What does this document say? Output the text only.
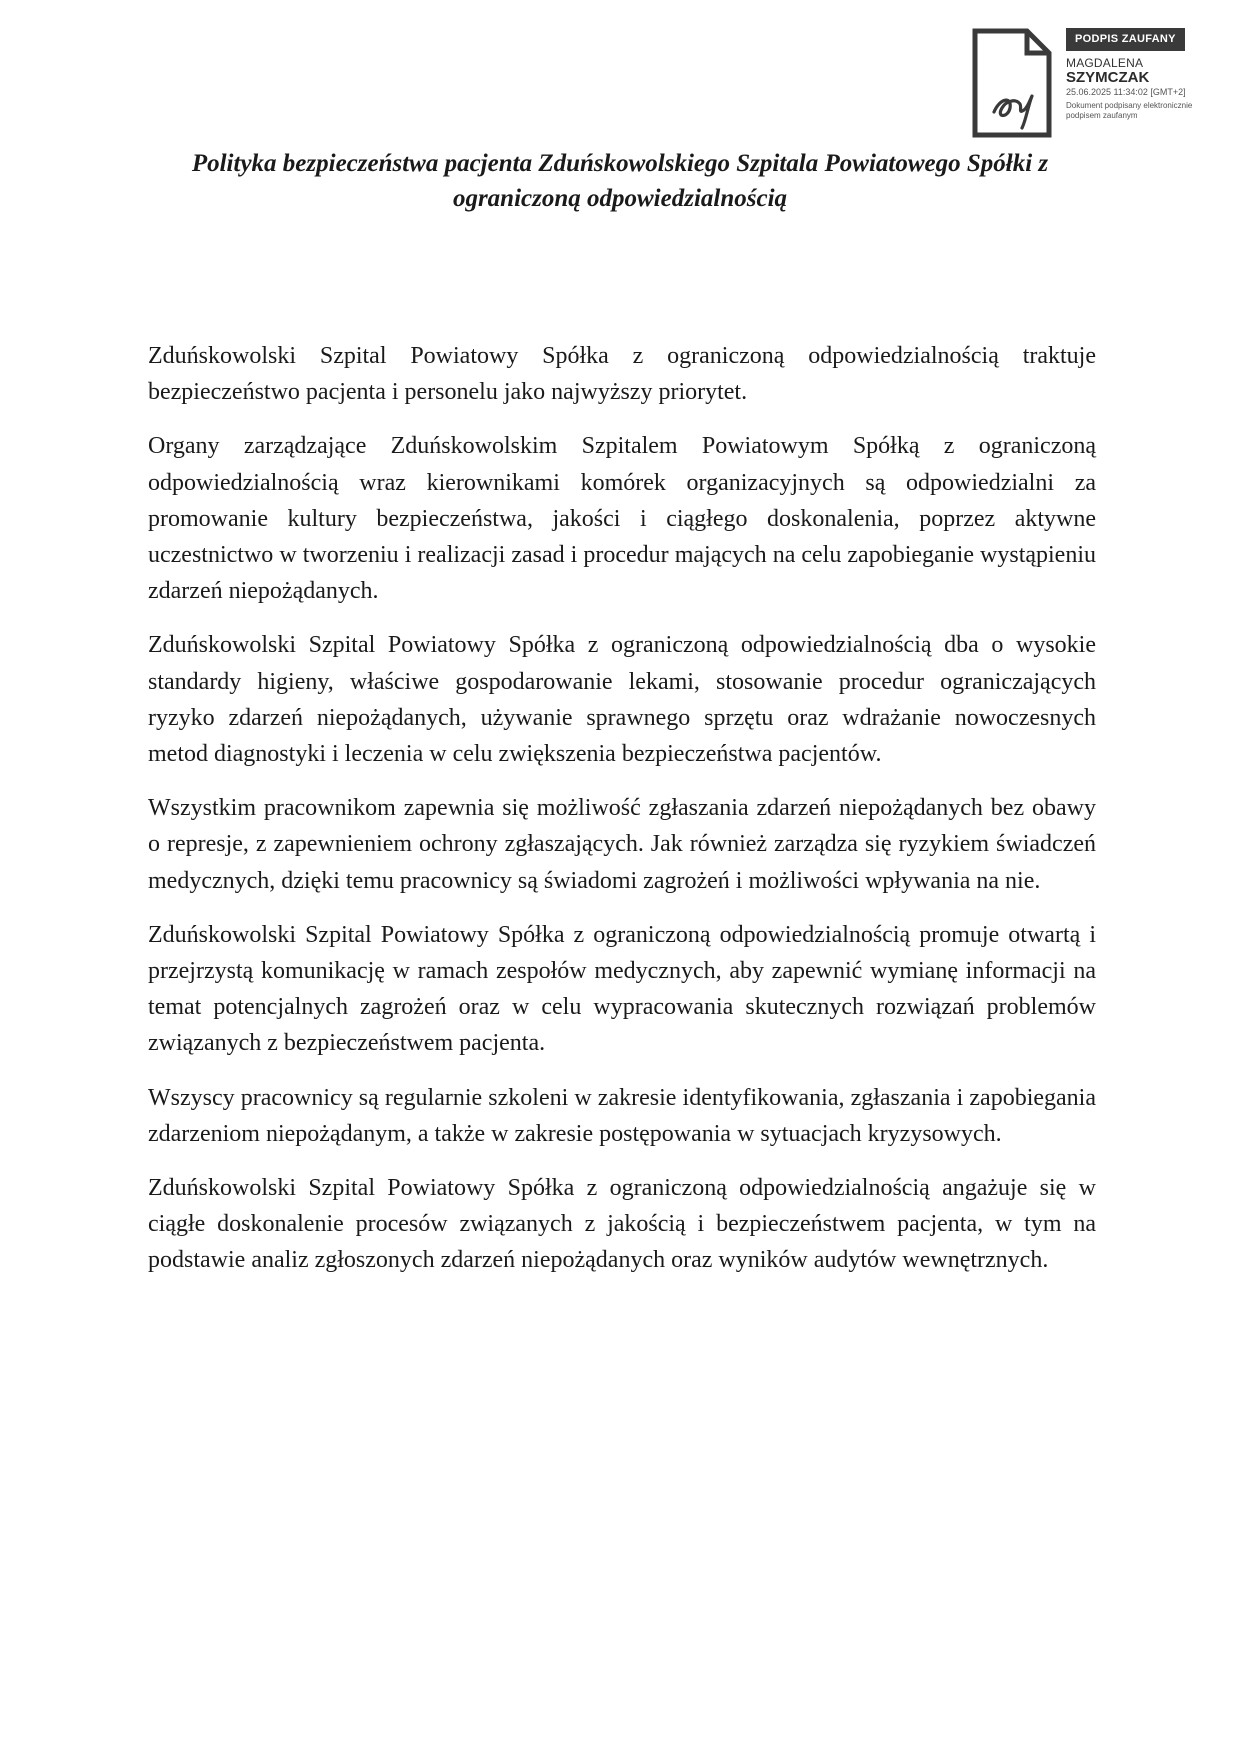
PODPIS ZAUFANY
MAGDALENA
SZYMCZAK
25.06.2025 11:34:02 [GMT+2]
Dokument podpisany elektronicznie
podpisem zaufanym
Polityka bezpieczeństwa pacjenta Zduńskowolskiego Szpitala Powiatowego Spółki z ograniczoną odpowiedzialnością

Zduńskowolski Szpital Powiatowy Spółka z ograniczoną odpowiedzialnością traktuje bezpieczeństwo pacjenta i personelu jako najwyższy priorytet.

Organy zarządzające Zduńskowolskim Szpitalem Powiatowym Spółką z ograniczoną odpowiedzialnością wraz kierownikami komórek organizacyjnych są odpowiedzialni za promowanie kultury bezpieczeństwa, jakości i ciągłego doskonalenia, poprzez aktywne uczestnictwo w tworzeniu i realizacji zasad i procedur mających na celu zapobieganie wystąpieniu zdarzeń niepożądanych.

Zduńskowolski Szpital Powiatowy Spółka z ograniczoną odpowiedzialnością dba o wysokie standardy higieny, właściwe gospodarowanie lekami, stosowanie procedur ograniczających ryzyko zdarzeń niepożądanych, używanie sprawnego sprzętu oraz wdrażanie nowoczesnych metod diagnostyki i leczenia w celu zwiększenia bezpieczeństwa pacjentów.

Wszystkim pracownikom zapewnia się możliwość zgłaszania zdarzeń niepożądanych bez obawy o represje, z zapewnieniem ochrony zgłaszających. Jak również zarządza się ryzykiem świadczeń medycznych, dzięki temu pracownicy są świadomi zagrożeń i możliwości wpływania na nie.

Zduńskowolski Szpital Powiatowy Spółka z ograniczoną odpowiedzialnością promuje otwartą i przejrzystą komunikację w ramach zespołów medycznych, aby zapewnić wymianę informacji na temat potencjalnych zagrożeń oraz w celu wypracowania skutecznych rozwiązań problemów związanych z bezpieczeństwem pacjenta.

Wszyscy pracownicy są regularnie szkoleni w zakresie identyfikowania, zgłaszania i zapobiegania zdarzeniom niepożądanym, a także w zakresie postępowania w sytuacjach kryzysowych.

Zduńskowolski Szpital Powiatowy Spółka z ograniczoną odpowiedzialnością angażuje się w ciągłe doskonalenie procesów związanych z jakością i bezpieczeństwem pacjenta, w tym na podstawie analiz zgłoszonych zdarzeń niepożądanych oraz wyników audytów wewnętrznych.
